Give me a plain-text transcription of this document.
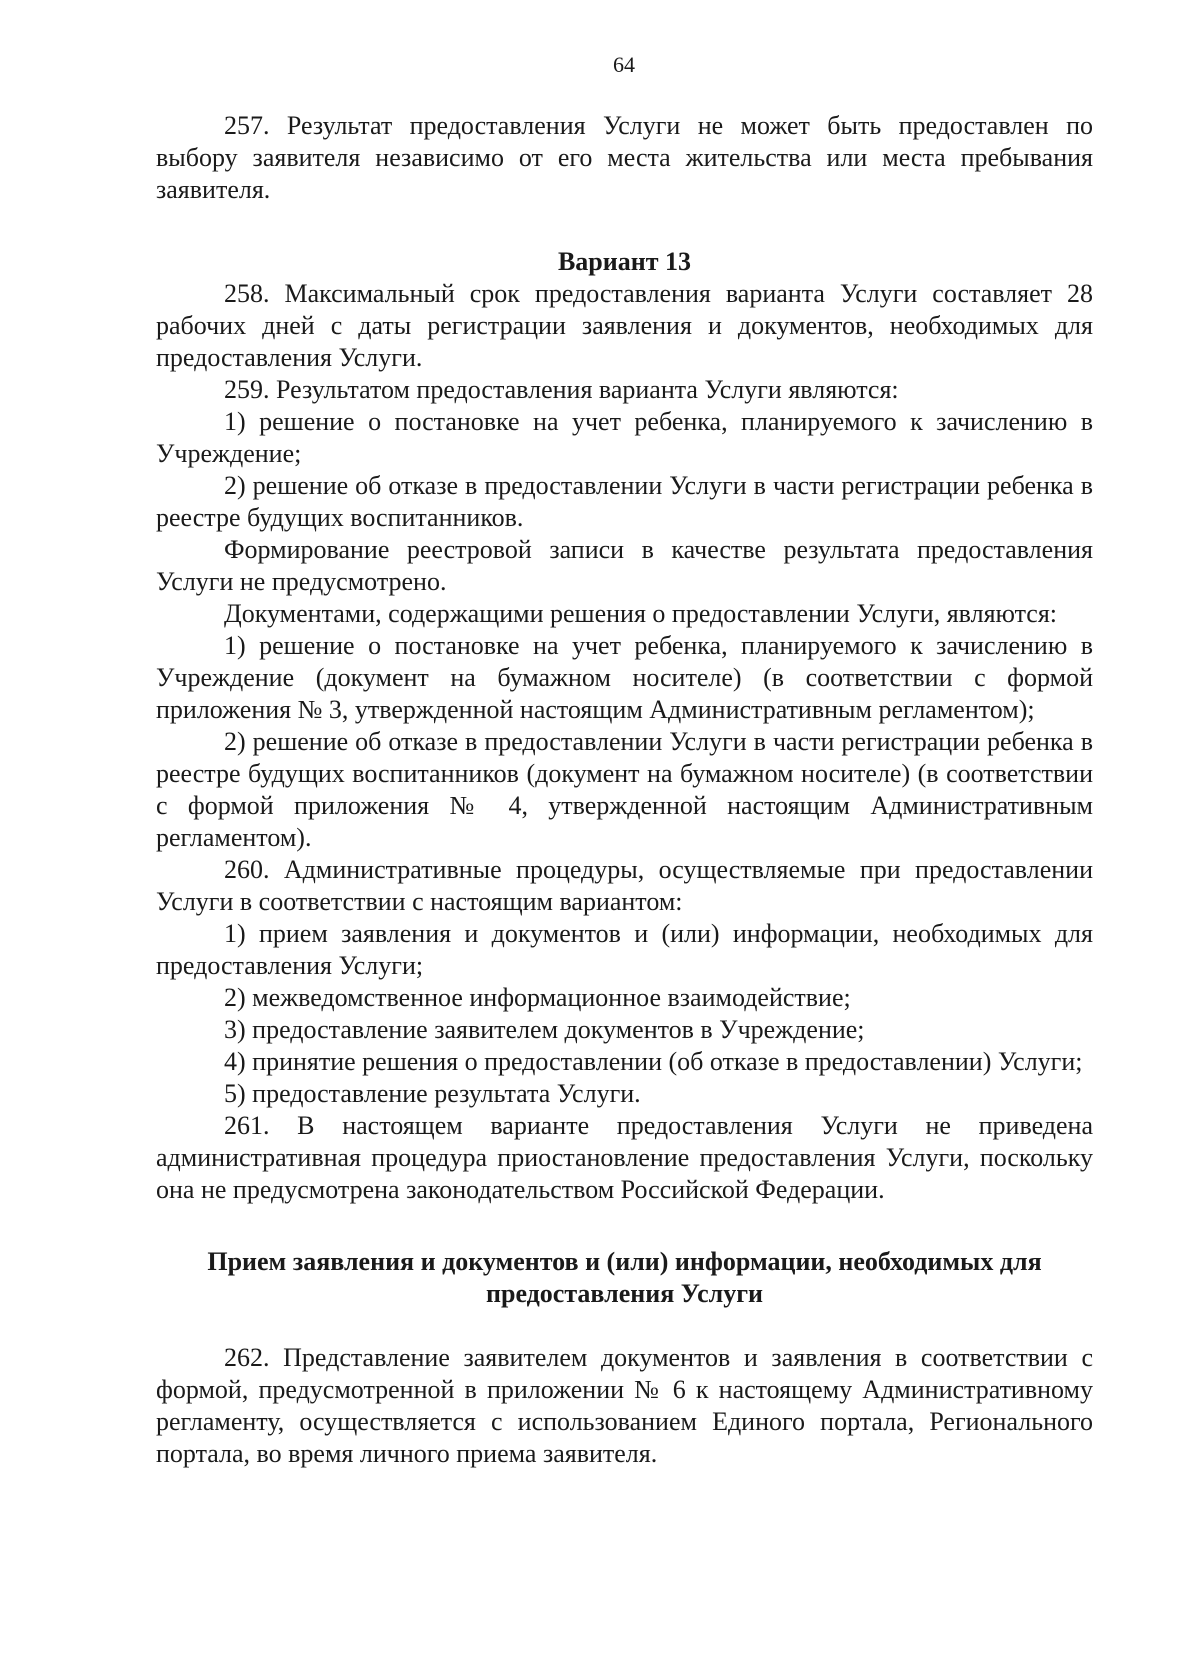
64

257. Результат предоставления Услуги не может быть предоставлен по выбору заявителя независимо от его места жительства или места пребывания заявителя.

Вариант 13

258. Максимальный срок предоставления варианта Услуги составляет 28 рабочих дней с даты регистрации заявления и документов, необходимых для предоставления Услуги.

259. Результатом предоставления варианта Услуги являются:

1) решение о постановке на учет ребенка, планируемого к зачислению в Учреждение;

2) решение об отказе в предоставлении Услуги в части регистрации ребенка в реестре будущих воспитанников.

Формирование реестровой записи в качестве результата предоставления Услуги не предусмотрено.

Документами, содержащими решения о предоставлении Услуги, являются:

1) решение о постановке на учет ребенка, планируемого к зачислению в Учреждение (документ на бумажном носителе) (в соответствии с формой приложения № 3, утвержденной настоящим Административным регламентом);

2) решение об отказе в предоставлении Услуги в части регистрации ребенка в реестре будущих воспитанников (документ на бумажном носителе) (в соответствии с формой приложения № 4, утвержденной настоящим Административным регламентом).

260. Административные процедуры, осуществляемые при предоставлении Услуги в соответствии с настоящим вариантом:

1) прием заявления и документов и (или) информации, необходимых для предоставления Услуги;

2) межведомственное информационное взаимодействие;

3) предоставление заявителем документов в Учреждение;

4) принятие решения о предоставлении (об отказе в предоставлении) Услуги;

5) предоставление результата Услуги.

261. В настоящем варианте предоставления Услуги не приведена административная процедура приостановление предоставления Услуги, поскольку она не предусмотрена законодательством Российской Федерации.

Прием заявления и документов и (или) информации, необходимых для
предоставления Услуги

262. Представление заявителем документов и заявления в соответствии с формой, предусмотренной в приложении № 6 к настоящему Административному регламенту, осуществляется с использованием Единого портала, Регионального портала, во время личного приема заявителя.
